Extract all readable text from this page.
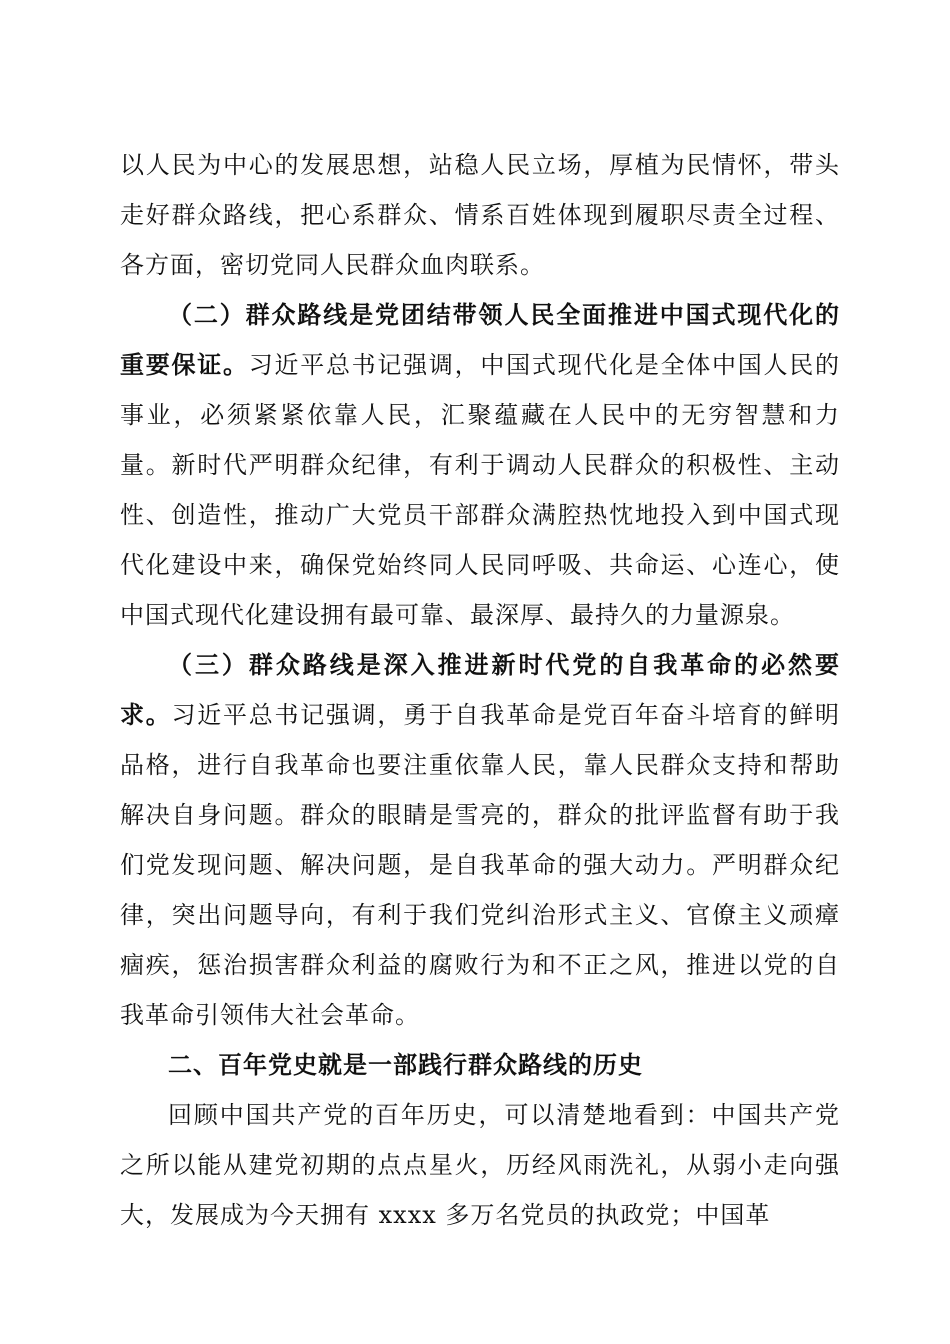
以人民为中心的发展思想，站稳人民立场，厚植为民情怀，带头走好群众路线，把心系群众、情系百姓体现到履职尽责全过程、各方面，密切党同人民群众血肉联系。

（二）群众路线是党团结带领人民全面推进中国式现代化的重要保证。习近平总书记强调，中国式现代化是全体中国人民的事业，必须紧紧依靠人民，汇聚蕴藏在人民中的无穷智慧和力量。新时代严明群众纪律，有利于调动人民群众的积极性、主动性、创造性，推动广大党员干部群众满腔热忱地投入到中国式现代化建设中来，确保党始终同人民同呼吸、共命运、心连心，使中国式现代化建设拥有最可靠、最深厚、最持久的力量源泉。

（三）群众路线是深入推进新时代党的自我革命的必然要求。习近平总书记强调，勇于自我革命是党百年奋斗培育的鲜明品格，进行自我革命也要注重依靠人民，靠人民群众支持和帮助解决自身问题。群众的眼睛是雪亮的，群众的批评监督有助于我们党发现问题、解决问题，是自我革命的强大动力。严明群众纪律，突出问题导向，有利于我们党纠治形式主义、官僚主义顽瘴痼疾，惩治损害群众利益的腐败行为和不正之风，推进以党的自我革命引领伟大社会革命。

二、百年党史就是一部践行群众路线的历史

回顾中国共产党的百年历史，可以清楚地看到：中国共产党之所以能从建党初期的点点星火，历经风雨洗礼，从弱小走向强大，发展成为今天拥有 xxxx 多万名党员的执政党；中国革
